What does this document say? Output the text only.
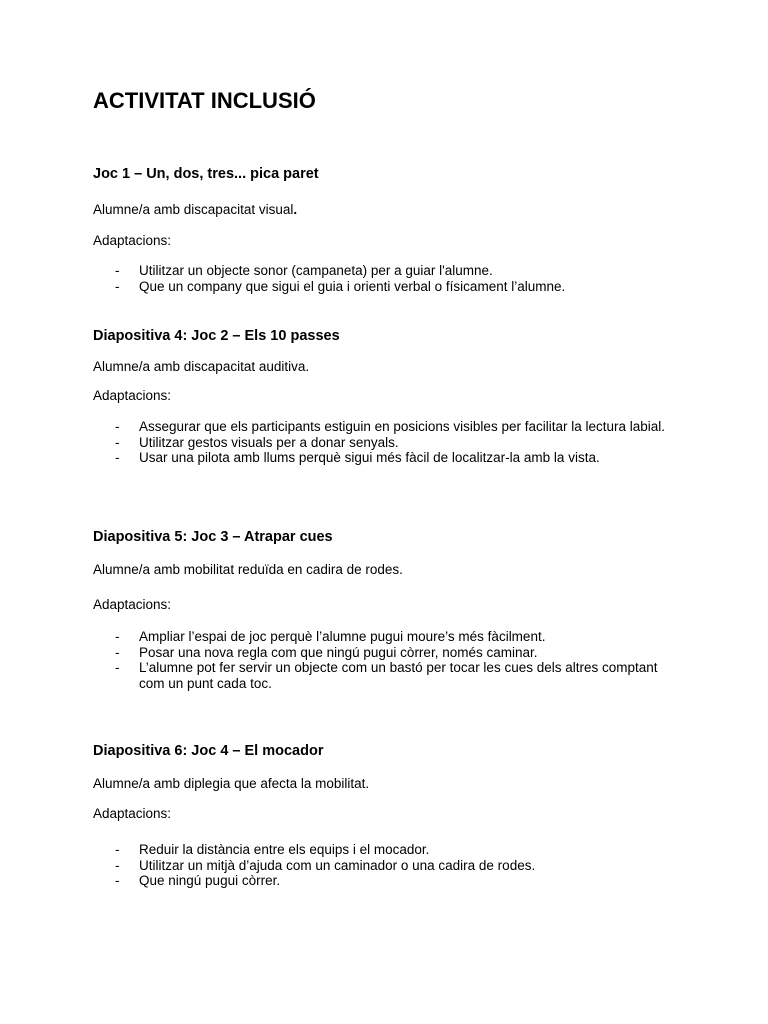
ACTIVITAT INCLUSIÓ
Joc 1 – Un, dos, tres... pica paret

Alumne/a amb discapacitat visual.

Adaptacions:

- Utilitzar un objecte sonor (campaneta) per a guiar l'alumne.
- Que un company que sigui el guia i orienti verbal o físicament l’alumne.
Diapositiva 4: Joc 2 – Els 10 passes

Alumne/a amb discapacitat auditiva.

Adaptacions:

- Assegurar que els participants estiguin en posicions visibles per facilitar la lectura labial.
- Utilitzar gestos visuals per a donar senyals.
- Usar una pilota amb llums perquè sigui més fàcil de localitzar-la amb la vista.
Diapositiva 5: Joc 3 – Atrapar cues

Alumne/a amb mobilitat reduïda en cadira de rodes.

Adaptacions:

- Ampliar l’espai de joc perquè l’alumne pugui moure’s més fàcilment.
- Posar una nova regla com que ningú pugui còrrer, només caminar.
- L’alumne pot fer servir un objecte com un bastó per tocar les cues dels altres comptant com un punt cada toc.
Diapositiva 6: Joc 4 – El mocador

Alumne/a amb diplegia que afecta la mobilitat.

Adaptacions:

- Reduir la distància entre els equips i el mocador.
- Utilitzar un mitjà d’ajuda com un caminador o una cadira de rodes.
- Que ningú pugui còrrer.
